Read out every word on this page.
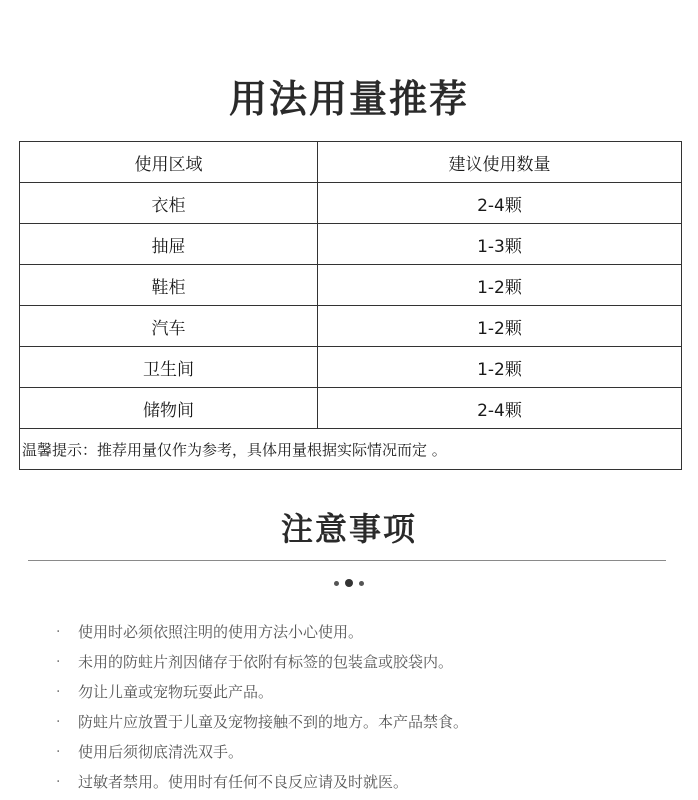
用法用量推荐
使用区域	建议使用数量
衣柜	2-4颗
抽屉	1-3颗
鞋柜	1-2颗
汽车	1-2颗
卫生间	1-2颗
储物间	2-4颗
温馨提示：推荐用量仅作为参考，具体用量根据实际情况而定 。	
注意事项
·	使用时必须依照注明的使用方法小心使用。
·	未用的防蛀片剂因储存于依附有标签的包装盒或胶袋内。
·	勿让儿童或宠物玩耍此产品。
·	防蛀片应放置于儿童及宠物接触不到的地方。本产品禁食。
·	使用后须彻底清洗双手。
·	过敏者禁用。使用时有任何不良反应请及时就医。
